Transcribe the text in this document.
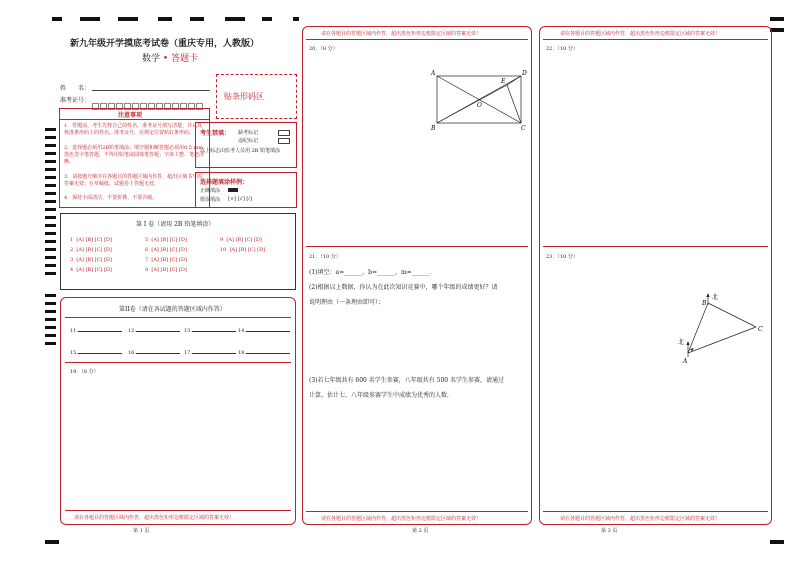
新九年级开学摸底考试卷（重庆专用，人教版）
数学 • 答题卡
姓　　名：
准考证号：	贴条形码区
注意事项
1．答题前，考生先将自己的姓名，准考证号填写清楚，并认真核准条形码上的姓名、准考证号，在规定位置贴好条形码。
2．选择题必须用2B铅笔填涂；填空题和解答题必须用0.5 mm黑色签字笔答题，不得用铅笔或圆珠笔答题；字体工整、笔迹清晰。
3．请按题号顺序在各题目的答题区域内作答，超出区域书写的答案无效；在草稿纸、试题卷上答题无效。
4．保持卡面清洁，不要折叠、不要弄破。
考生禁填： 缺考标记
违纪标记
以上标志由监考人员用 2B 铅笔填涂
选择题填涂样例：
正确填涂
错误填涂 [×] [√] [/]
第 I 卷（请用 2B 铅笔填涂）
1 [A] [B] [C] [D]
2 [A] [B] [C] [D]
3 [A] [B] [C] [D]
4 [A] [B] [C] [D]
5 [A] [B] [C] [D]
6 [A] [B] [C] [D]
7 [A] [B] [C] [D]
8 [A] [B] [C] [D]
9 [A] [B] [C] [D]
10 [A] [B] [C] [D]
第II卷（请在各试题的答题区域内作答）
11.	12.	13.	14.
15.	16.	17.	18.
19．（8 分）
请在各题目的答题区域内作答，超出黑色矩形边框限定区域的答案无效！
第 1 页
请在各题目的答题区域内作答，超出黑色矩形边框限定区域的答案无效！
20．（8 分）
A
B	C
D
E
O
21．（10 分）
(1)填空：a=______，b=______，m=______．
(2)根据以上数据，你认为在此次知识竞赛中，哪个年级的成绩更好？请
说明理由（一条理由即可）；
(3)若七年级共有 600 名学生参赛，八年级共有 500 名学生参赛，请通过
计算，估计七、八年级参赛学生中成绩为优秀的人数．
请在各题目的答题区域内作答，超出黑色矩形边框限定区域的答案无效！
第 2 页
请在各题目的答题区域内作答，超出黑色矩形边框限定区域的答案无效！
22．（10 分）
23．（10 分）
北
北
B
C
A
请在各题目的答题区域内作答，超出黑色矩形边框限定区域的答案无效！
第 3 页
